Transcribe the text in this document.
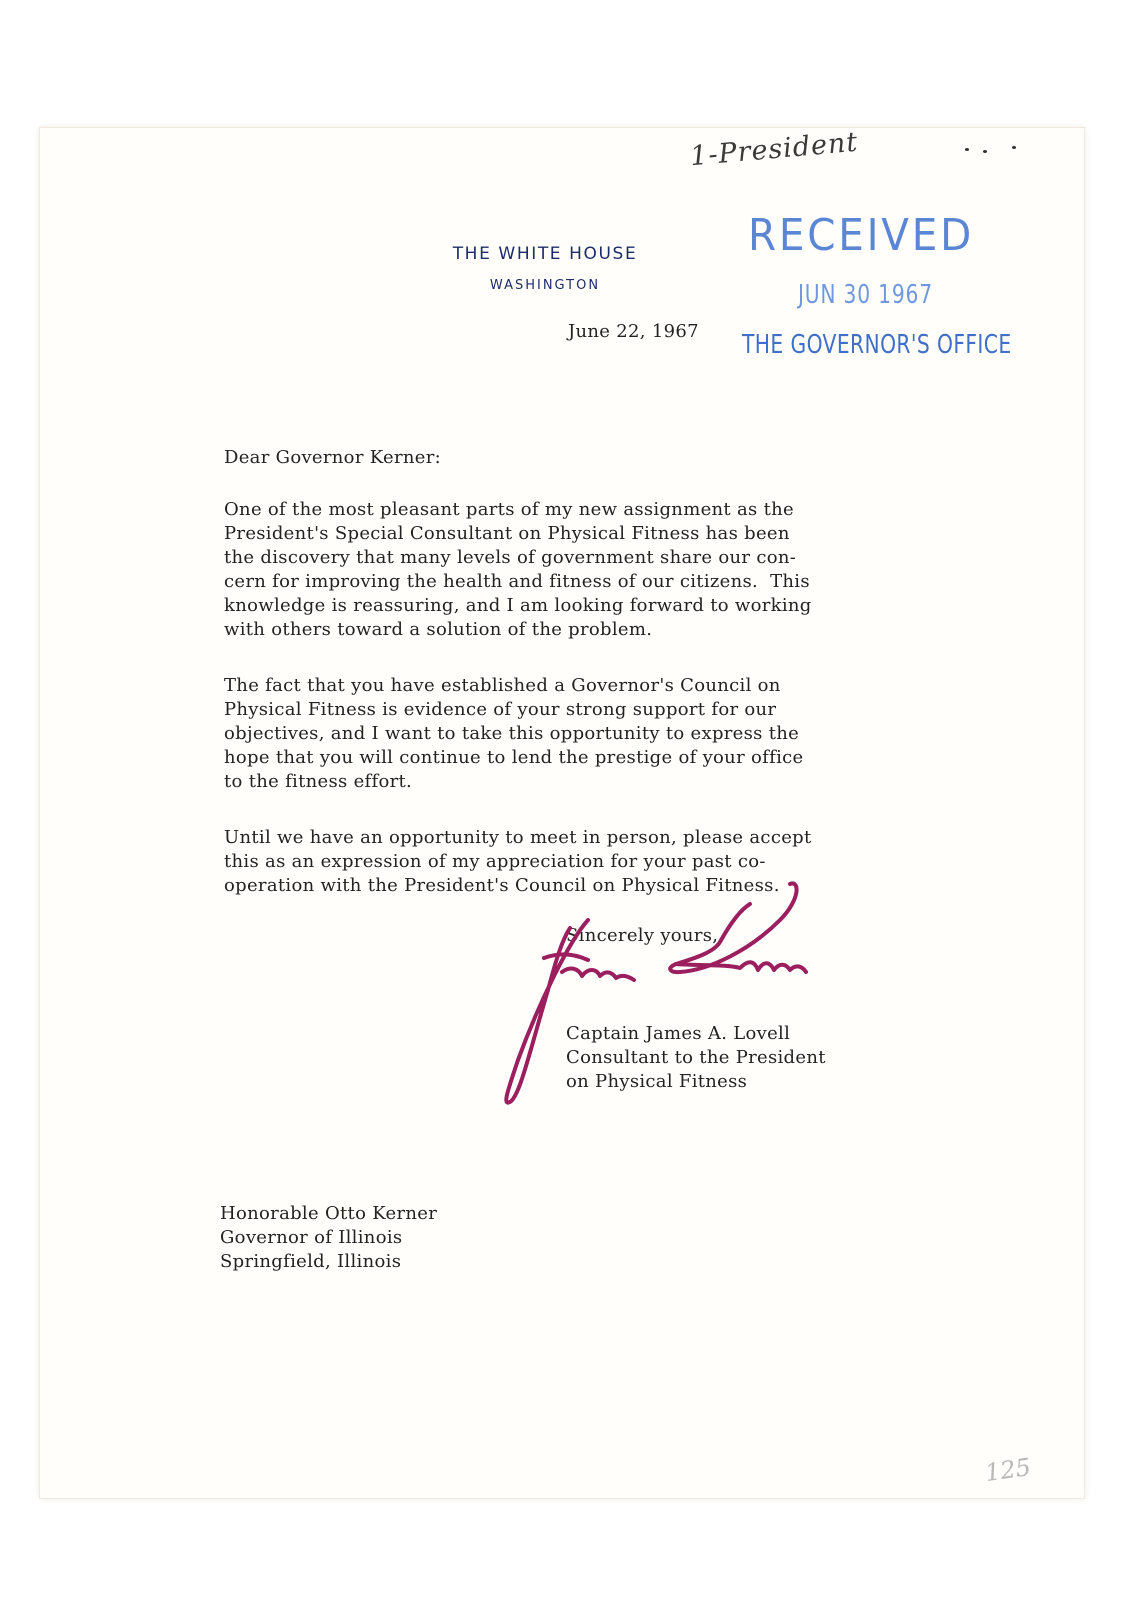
1-President
THE WHITE HOUSE
WASHINGTON
RECEIVED
JUN 30 1967
THE GOVERNOR'S OFFICE
June 22, 1967
Dear Governor Kerner:
One of the most pleasant parts of my new assignment as the
President's Special Consultant on Physical Fitness has been
the discovery that many levels of government share our con-
cern for improving the health and fitness of our citizens.  This
knowledge is reassuring, and I am looking forward to working
with others toward a solution of the problem.
The fact that you have established a Governor's Council on
Physical Fitness is evidence of your strong support for our
objectives, and I want to take this opportunity to express the
hope that you will continue to lend the prestige of your office
to the fitness effort.
Until we have an opportunity to meet in person, please accept
this as an expression of my appreciation for your past co-
operation with the President's Council on Physical Fitness.
Sincerely yours,
Captain James A. Lovell
Consultant to the President
on Physical Fitness
Honorable Otto Kerner
Governor of Illinois
Springfield, Illinois
125
